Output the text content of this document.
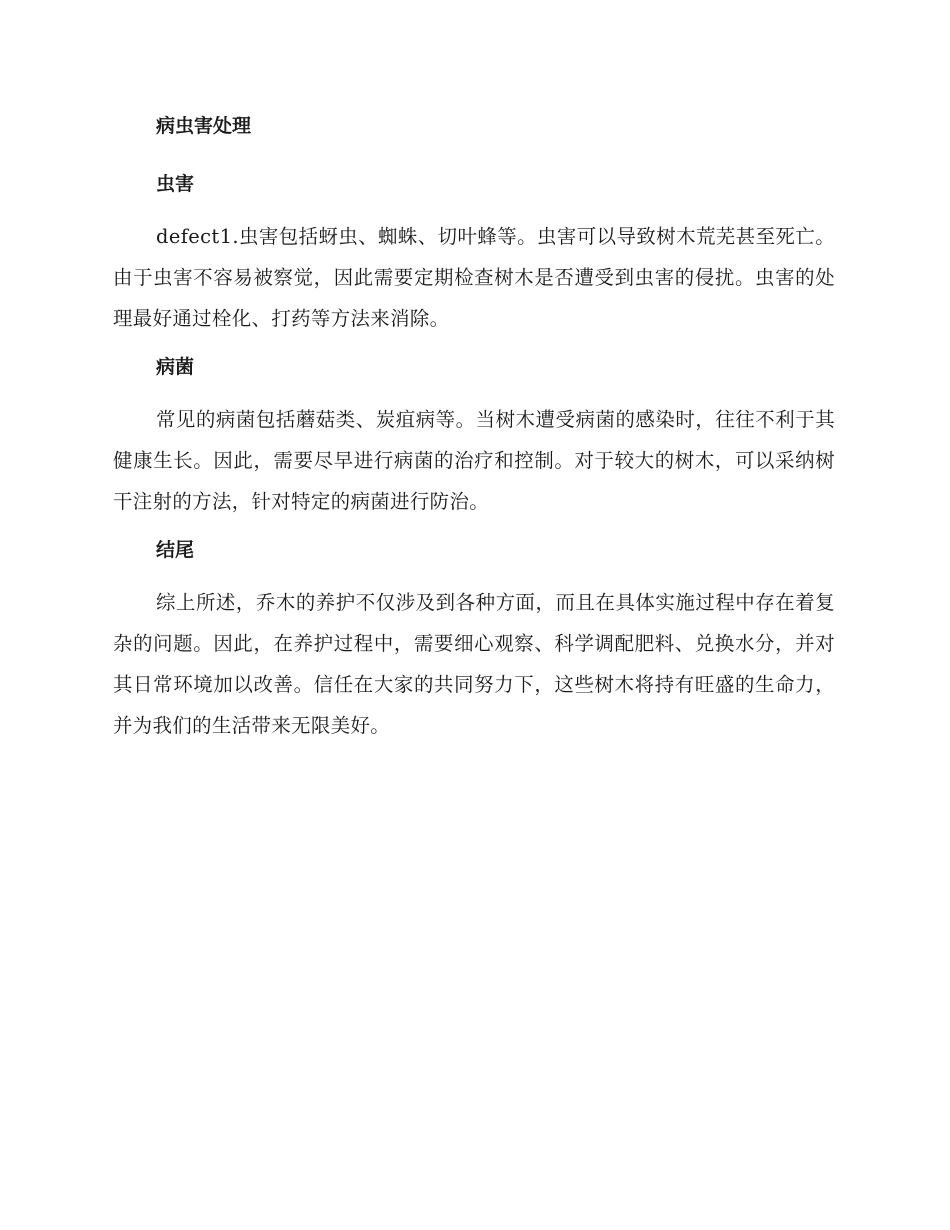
病虫害处理
虫害

defect1.虫害包括蚜虫、蜘蛛、切叶蜂等。虫害可以导致树木荒芜甚至死亡。由于虫害不容易被察觉，因此需要定期检查树木是否遭受到虫害的侵扰。虫害的处理最好通过栓化、打药等方法来消除。

病菌

常见的病菌包括蘑菇类、炭疽病等。当树木遭受病菌的感染时，往往不利于其健康生长。因此，需要尽早进行病菌的治疗和控制。对于较大的树木，可以采纳树干注射的方法，针对特定的病菌进行防治。

结尾

综上所述，乔木的养护不仅涉及到各种方面，而且在具体实施过程中存在着复杂的问题。因此，在养护过程中，需要细心观察、科学调配肥料、兑换水分，并对其日常环境加以改善。信任在大家的共同努力下，这些树木将持有旺盛的生命力，并为我们的生活带来无限美好。
